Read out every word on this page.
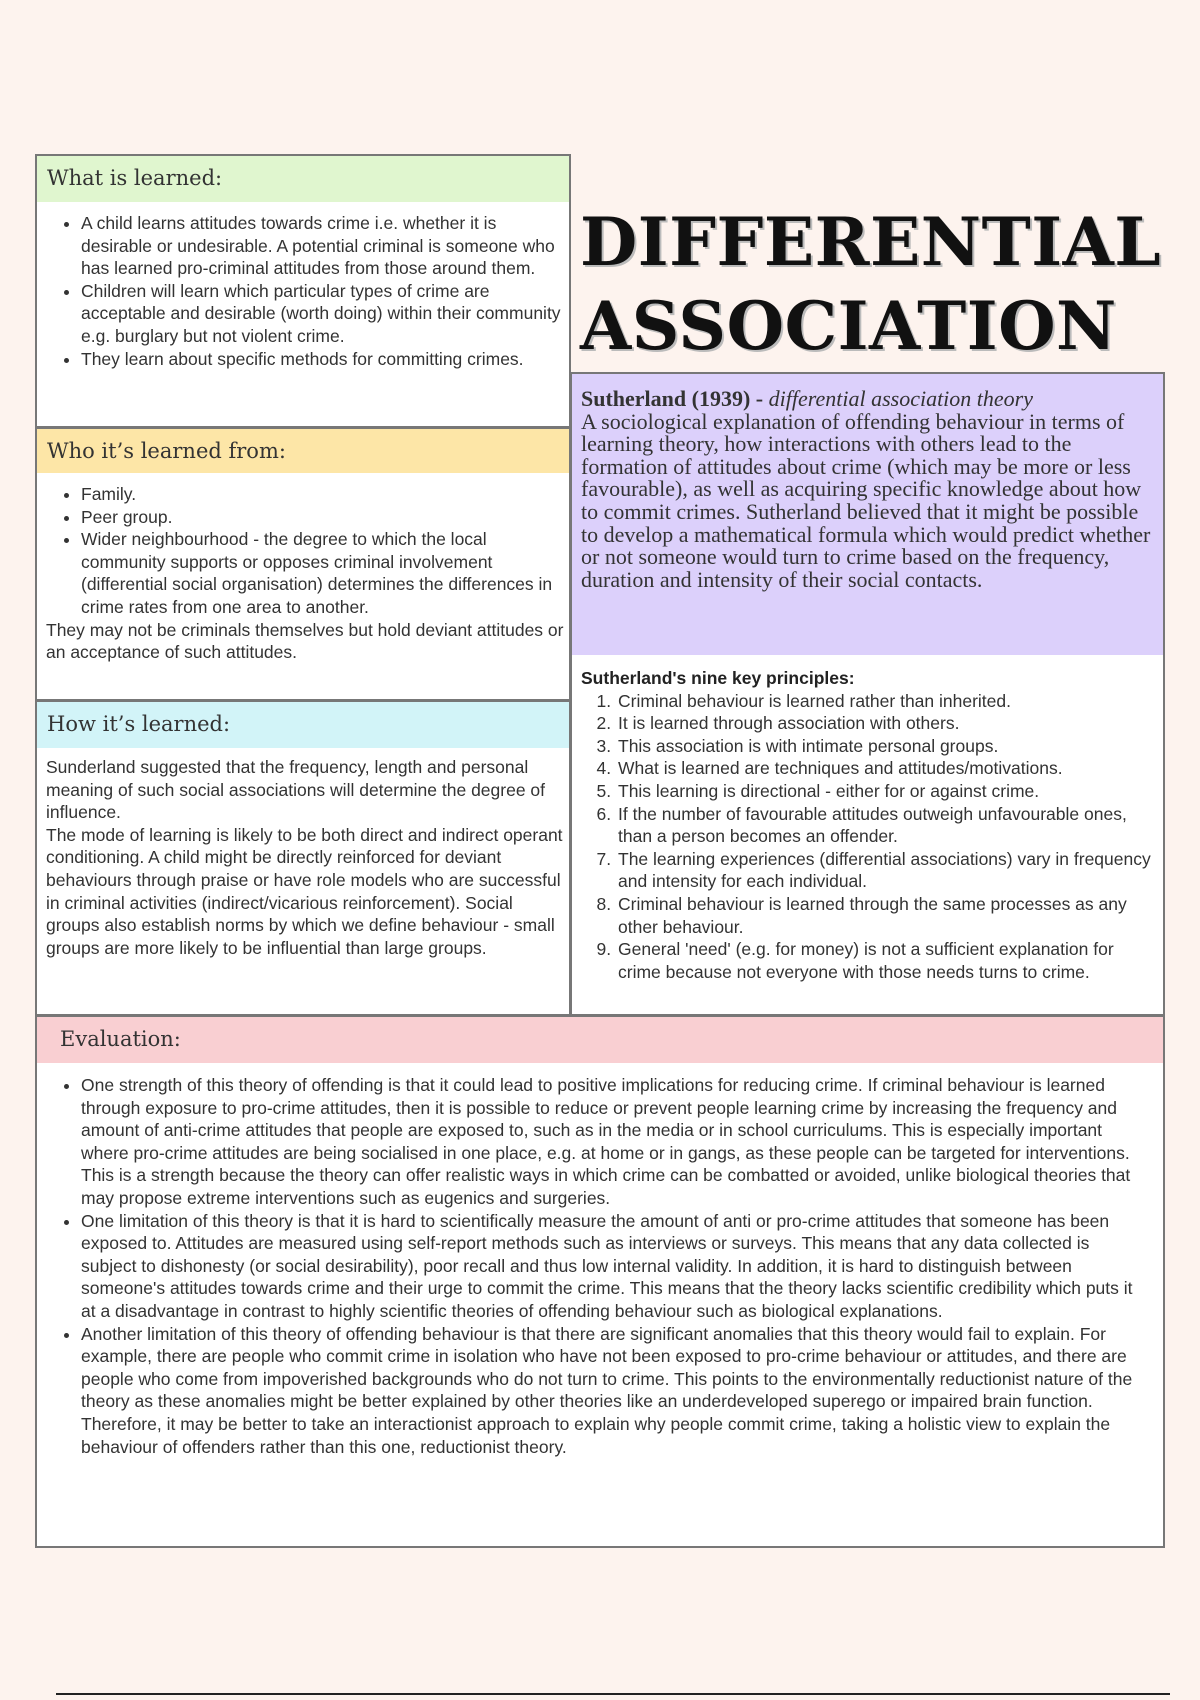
What is learned:
• A child learns attitudes towards crime i.e. whether it is desirable or undesirable. A potential criminal is someone who has learned pro-criminal attitudes from those around them.
• Children will learn which particular types of crime are acceptable and desirable (worth doing) within their community e.g. burglary but not violent crime.
• They learn about specific methods for committing crimes.
Who it’s learned from:
• Family.
• Peer group.
• Wider neighbourhood - the degree to which the local community supports or opposes criminal involvement (differential social organisation) determines the differences in crime rates from one area to another.
They may not be criminals themselves but hold deviant attitudes or an acceptance of such attitudes.
How it’s learned:
Sunderland suggested that the frequency, length and personal meaning of such social associations will determine the degree of influence.
The mode of learning is likely to be both direct and indirect operant conditioning. A child might be directly reinforced for deviant behaviours through praise or have role models who are successful in criminal activities (indirect/vicarious reinforcement). Social groups also establish norms by which we define behaviour - small groups are more likely to be influential than large groups.
DIFFERENTIAL
ASSOCIATION
Sutherland (1939) - differential association theory
A sociological explanation of offending behaviour in terms of learning theory, how interactions with others lead to the formation of attitudes about crime (which may be more or less favourable), as well as acquiring specific knowledge about how to commit crimes. Sutherland believed that it might be possible to develop a mathematical formula which would predict whether or not someone would turn to crime based on the frequency, duration and intensity of their social contacts.
Sutherland's nine key principles:
1. Criminal behaviour is learned rather than inherited.
2. It is learned through association with others.
3. This association is with intimate personal groups.
4. What is learned are techniques and attitudes/motivations.
5. This learning is directional - either for or against crime.
6. If the number of favourable attitudes outweigh unfavourable ones, than a person becomes an offender.
7. The learning experiences (differential associations) vary in frequency and intensity for each individual.
8. Criminal behaviour is learned through the same processes as any other behaviour.
9. General 'need' (e.g. for money) is not a sufficient explanation for crime because not everyone with those needs turns to crime.
Evaluation:
• One strength of this theory of offending is that it could lead to positive implications for reducing crime. If criminal behaviour is learned through exposure to pro-crime attitudes, then it is possible to reduce or prevent people learning crime by increasing the frequency and amount of anti-crime attitudes that people are exposed to, such as in the media or in school curriculums. This is especially important where pro-crime attitudes are being socialised in one place, e.g. at home or in gangs, as these people can be targeted for interventions. This is a strength because the theory can offer realistic ways in which crime can be combatted or avoided, unlike biological theories that may propose extreme interventions such as eugenics and surgeries.
• One limitation of this theory is that it is hard to scientifically measure the amount of anti or pro-crime attitudes that someone has been exposed to. Attitudes are measured using self-report methods such as interviews or surveys. This means that any data collected is subject to dishonesty (or social desirability), poor recall and thus low internal validity. In addition, it is hard to distinguish between someone's attitudes towards crime and their urge to commit the crime. This means that the theory lacks scientific credibility which puts it at a disadvantage in contrast to highly scientific theories of offending behaviour such as biological explanations.
• Another limitation of this theory of offending behaviour is that there are significant anomalies that this theory would fail to explain. For example, there are people who commit crime in isolation who have not been exposed to pro-crime behaviour or attitudes, and there are people who come from impoverished backgrounds who do not turn to crime. This points to the environmentally reductionist nature of the theory as these anomalies might be better explained by other theories like an underdeveloped superego or impaired brain function. Therefore, it may be better to take an interactionist approach to explain why people commit crime, taking a holistic view to explain the behaviour of offenders rather than this one, reductionist theory.
